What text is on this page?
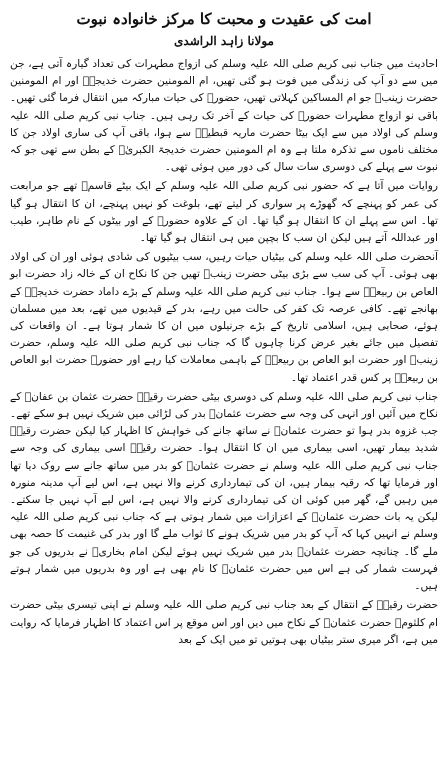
امت کی عقیدت و محبت کا مرکز خانوادہ نبوت
مولانا زاہد الراشدی

احادیث میں جناب نبی کریم صلی اللہ علیہ وسلم کی ازواج مطہرات کی تعداد گیارہ آتی ہے، جن میں سے دو آپ کی زندگی میں فوت ہو گئی تھیں، ام المومنین حضرت خدیجہؓ اور ام المومنین حضرت زینبؓ جو ام المساکین کہلاتی تھیں، حضورؐ کی حیات مبارکہ میں انتقال فرما گئی تھیں۔ باقی نو ازواج مطہرات حضورؐ کی حیات کے آخر تک رہی ہیں۔ جناب نبی کریم صلی اللہ علیہ وسلم کی اولاد میں سے ایک بیٹا حضرت ماریہ قبطیہؓ سے ہوا، باقی آپ کی ساری اولاد جن کا مختلف ناموں سے تذکرہ ملتا ہے وہ ام المومنین حضرت خدیجۃ الکبریٰؓ کے بطن سے تھی جو کہ نبوت سے پہلے کی دوسری سات سال کی دور میں ہوئی تھی۔

روایات میں آتا ہے کہ حضور نبی کریم صلی اللہ علیہ وسلم کے ایک بیٹے قاسمؓ تھے جو مرابعت کی عمر کو پہنچے کہ گھوڑے پر سواری کر لیتے تھے، بلوغت کو نہیں پہنچے، ان کا انتقال ہو گیا تھا۔ اس سے پہلے ان کا انتقال ہو گیا تھا۔ ان کے علاوہ حضورؐ کے اور بیٹوں کے نام طاہر، طیب اور عبداللہ آتے ہیں لیکن ان سب کا بچپن میں ہی انتقال ہو گیا تھا۔

آنحضرت صلی اللہ علیہ وسلم کی بیٹیاں حیات رہیں، سب بیٹیوں کی شادی ہوئی اور ان کی اولاد بھی ہوئی۔ آپ کی سب سے بڑی بیٹی حضرت زینبؓ تھیں جن کا نکاح ان کے خالہ زاد حضرت ابو العاص بن ربیعہؓ سے ہوا۔ جناب نبی کریم صلی اللہ علیہ وسلم کے بڑے داماد حضرت خدیجہؓ کے بھانجے تھے۔ کافی عرصہ تک کفر کی حالت میں رہے، بدر کے قیدیوں میں تھے، بعد میں مسلمان ہوئے، صحابی ہیں، اسلامی تاریخ کے بڑے جرنیلوں میں ان کا شمار ہوتا ہے۔ ان واقعات کی تفصیل میں جائے بغیر عرض کرنا چاہوں گا کہ جناب نبی کریم صلی اللہ علیہ وسلم، حضرت زینبؓ اور حضرت ابو العاص بن ربیعہؓ کے باہمی معاملات کیا رہے اور حضورؐ حضرت ابو العاص بن ربیعہؓ پر کس قدر اعتماد تھا۔

جناب نبی کریم صلی اللہ علیہ وسلم کی دوسری بیٹی حضرت رقیہؓ حضرت عثمان بن عفانؓ کے نکاح میں آئیں اور انہی کی وجہ سے حضرت عثمانؓ بدر کی لڑائی میں شریک نہیں ہو سکے تھے۔ جب غزوہ بدر ہوا تو حضرت عثمانؓ نے ساتھ جانے کی خواہش کا اظہار کیا لیکن حضرت رقیہؓ شدید بیمار تھیں، اسی بیماری میں ان کا انتقال ہوا۔ حضرت رقیہؓ اسی بیماری کی وجہ سے جناب نبی کریم صلی اللہ علیہ وسلم نے حضرت عثمانؓ کو بدر میں ساتھ جانے سے روک دیا تھا اور فرمایا تھا کہ رقیہ بیمار ہیں، ان کی تیمارداری کرنے والا نہیں ہے، اس لیے آپ مدینہ منورہ میں رہیں گے، گھر میں کوئی ان کی تیمارداری کرنے والا نہیں ہے، اس لیے آپ نہیں جا سکتے۔ لیکن یہ بات حضرت عثمانؓ کے اعزازات میں شمار ہوتی ہے کہ جناب نبی کریم صلی اللہ علیہ وسلم نے انہیں کہا کہ آپ کو بدر میں شریک ہونے کا ثواب ملے گا اور بدر کی غنیمت کا حصہ بھی ملے گا۔ چنانچہ حضرت عثمانؓ بدر میں شریک نہیں ہوئے لیکن امام بخاریؒ نے بدریوں کی جو فہرست شمار کی ہے اس میں حضرت عثمانؓ کا نام بھی ہے اور وہ بدریوں میں شمار ہوتے ہیں۔

حضرت رقیہؓ کے انتقال کے بعد جناب نبی کریم صلی اللہ علیہ وسلم نے اپنی تیسری بیٹی حضرت ام کلثومؓ حضرت عثمانؓ کے نکاح میں دیں اور اس موقع پر اس اعتماد کا اظہار فرمایا کہ روایت میں ہے، اگر میری ستر بیٹیاں بھی ہوتیں تو میں ایک کے بعد
